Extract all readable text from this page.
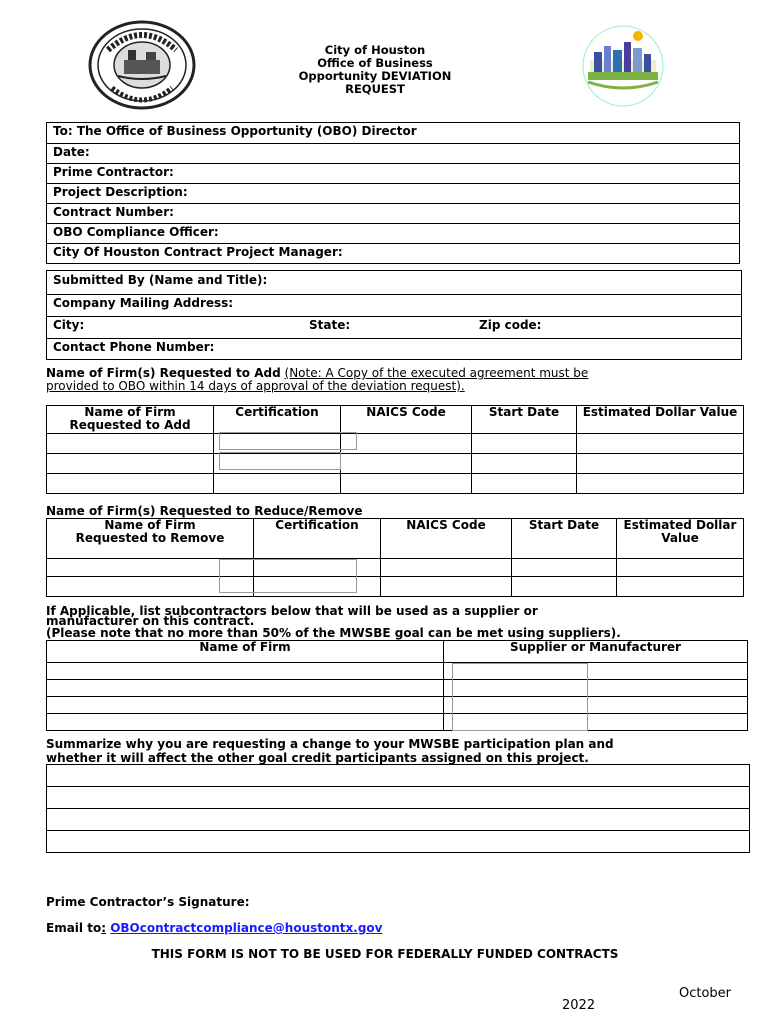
City of Houston
Office of Business
Opportunity DEVIATION
REQUEST
To: The Office of Business Opportunity (OBO) Director
Date:
Prime Contractor:
Project Description:
Contract Number:
OBO Compliance Officer:
City Of Houston Contract Project Manager:
Submitted By (Name and Title):
Company Mailing Address:
City:	State:	Zip code:
Contact Phone Number:
Name of Firm(s) Requested to Add (Note: A Copy of the executed agreement must be
provided to OBO within 14 days of approval of the deviation request).
Name of Firm Requested to Add	Certification	NAICS Code	Start Date	Estimated Dollar Value

Name of Firm(s) Requested to Reduce/Remove
Name of Firm Requested to Remove	Certification	NAICS Code	Start Date	Estimated Dollar Value

If Applicable, list subcontractors below that will be used as a supplier or
manufacturer on this contract.
(Please note that no more than 50% of the MWSBE goal can be met using suppliers).
Name of Firm	Supplier or Manufacturer

Summarize why you are requesting a change to your MWSBE participation plan and
whether it will affect the other goal credit participants assigned on this project.

Prime Contractor’s Signature:
Email to: OBOcontractcompliance@houstontx.gov
THIS FORM IS NOT TO BE USED FOR FEDERALLY FUNDED CONTRACTS
October
2022
